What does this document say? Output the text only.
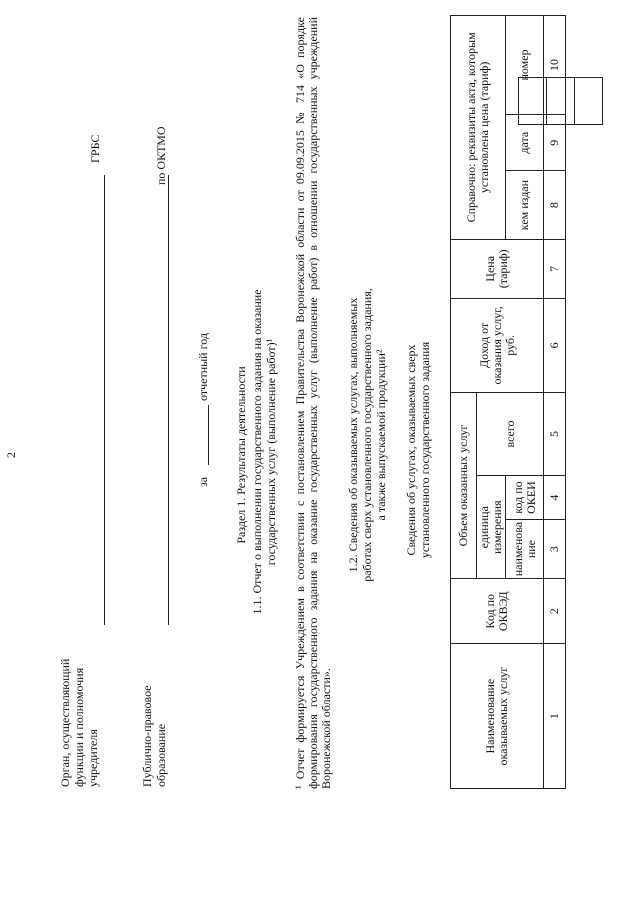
2
Орган, осуществляющий функции и полномочия учредителя
ГРБС
Публично-правовое образование
по ОКТМО

за
отчетный год Раздел 1. Результаты деятельности 1.1. Отчет о выполнении государственного задания на оказание государственных услуг (выполнение работ)¹ ¹ Отчет формируется Учреждением в соответствии с постановлением Правительства Воронежской области от 09.09.2015 № 714 «О порядке формирования государственного задания на оказание государственных услуг (выполнение работ) в отношении государственных учреждений Воронежской области».
1.2. Сведения об оказываемых услугах, выполняемых работах сверх установленного государственного задания, а также выпускаемой продукции² Сведения об услугах, оказываемых сверх установленного государственного задания
Наименование оказываемых услуг	Код по ОКВЭД	Объем оказанных услуг			Доход от оказания услуг, руб.	Цена (тариф)	Справочно: реквизиты акта, которым установлена цена (тариф)		
		единица измерения		всего					
		наименова ние	код по ОКЕИ				кем издан	дата	номер
1	2	3	4	5	6	7	8	9	10
